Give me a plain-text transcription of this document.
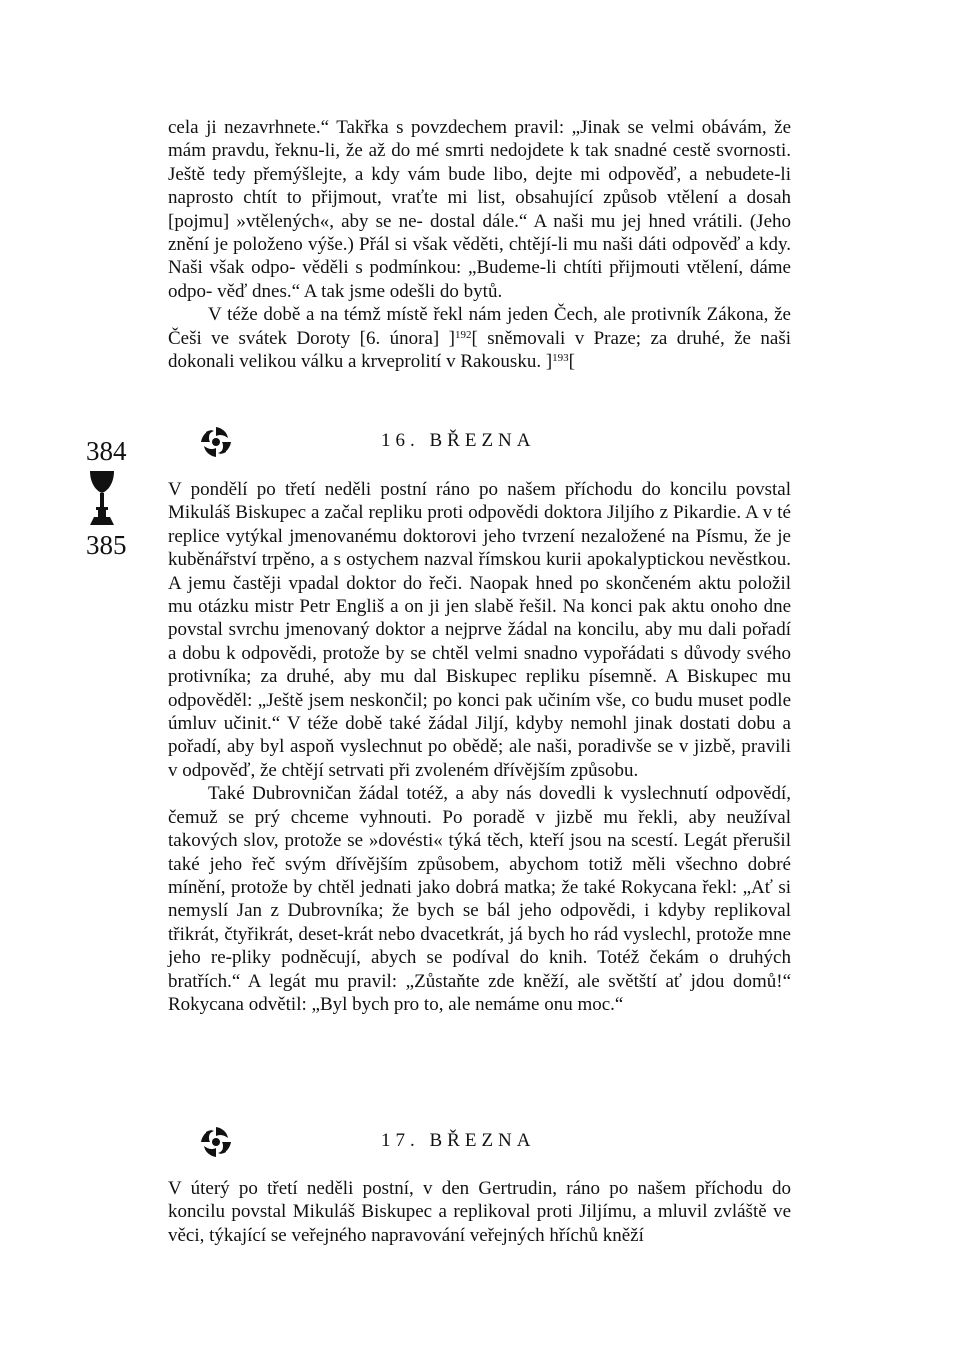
cela ji nezavrhnete.“ Takřka s povzdechem pravil: „Jinak se velmi obávám, že mám pravdu, řeknu-li, že až do mé smrti nedojdete k tak snadné cestě svornosti. Ještě tedy přemýšlejte, a kdy vám bude libo, dejte mi odpověď, a nebudete-li naprosto chtít to přijmout, vraťte mi list, obsahující způsob vtělení a dosah [pojmu] »vtělených«, aby se ne- dostal dále.“ A naši mu jej hned vrátili. (Jeho znění je položeno výše.) Přál si však věděti, chtějí-li mu naši dáti odpověď a kdy. Naši však odpo- věděli s podmínkou: „Budeme-li chtíti přijmouti vtělení, dáme odpo- věď dnes.“ A tak jsme odešli do bytů.

V téže době a na témž místě řekl nám jeden Čech, ale protivník Zákona, že Češi ve svátek Doroty [6. února] ]$^{192}$[ sněmovali v Praze; za druhé, že naši dokonali velikou válku a krveprolití v Rakousku. ]$^{193}$[

16. BŘEZNA
384
385

V pondělí po třetí neděli postní ráno po našem příchodu do koncilu povstal Mikuláš Biskupec a začal repliku proti odpovědi doktora Jiljího z Pikardie. A v té replice vytýkal jmenovanému doktorovi jeho tvrzení nezaložené na Písmu, že je kuběnářství trpěno, a s ostychem nazval římskou kurii apokalyptickou nevěstkou. A jemu častěji vpadal doktor do řeči. Naopak hned po skončeném aktu položil mu otázku mistr Petr Engliš a on ji jen slabě řešil. Na konci pak aktu onoho dne povstal svrchu jmenovaný doktor a nejprve žádal na koncilu, aby mu dali pořadí a dobu k odpovědi, protože by se chtěl velmi snadno vypořádati s důvody svého protivníka; za druhé, aby mu dal Biskupec repliku písemně. A Biskupec mu odpověděl: „Ještě jsem neskončil; po konci pak učiním vše, co budu muset podle úmluv učinit.“ V téže době také žádal Jiljí, kdyby nemohl jinak dostati dobu a pořadí, aby byl aspoň vyslechnut po obědě; ale naši, poradivše se v jizbě, pravili v odpověď, že chtějí setrvati při zvoleném dřívějším způsobu.

Také Dubrovničan žádal totéž, a aby nás dovedli k vyslechnutí odpovědí, čemuž se prý chceme vyhnouti. Po poradě v jizbě mu řekli, aby neužíval takových slov, protože se »dovésti« týká těch, kteří jsou na scestí. Legát přerušil také jeho řeč svým dřívějším způsobem, abychom totiž měli všechno dobré mínění, protože by chtěl jednati jako dobrá matka; že také Rokycana řekl: „Ať si nemyslí Jan z Dubrovníka; že bych se bál jeho odpovědi, i kdyby replikoval třikrát, čtyřikrát, deset-krát nebo dvacetkrát, já bych ho rád vyslechl, protože mne jeho re-pliky podněcují, abych se podíval do knih. Totéž čekám o druhých bratřích.“ A legát mu pravil: „Zůstaňte zde kněží, ale světští ať jdou domů!“ Rokycana odvětil: „Byl bych pro to, ale nemáme onu moc.“

17. BŘEZNA

V úterý po třetí neděli postní, v den Gertrudin, ráno po našem příchodu do koncilu povstal Mikuláš Biskupec a replikoval proti Jiljímu, a mluvil zvláště ve věci, týkající se veřejného napravování veřejných hříchů kněží
